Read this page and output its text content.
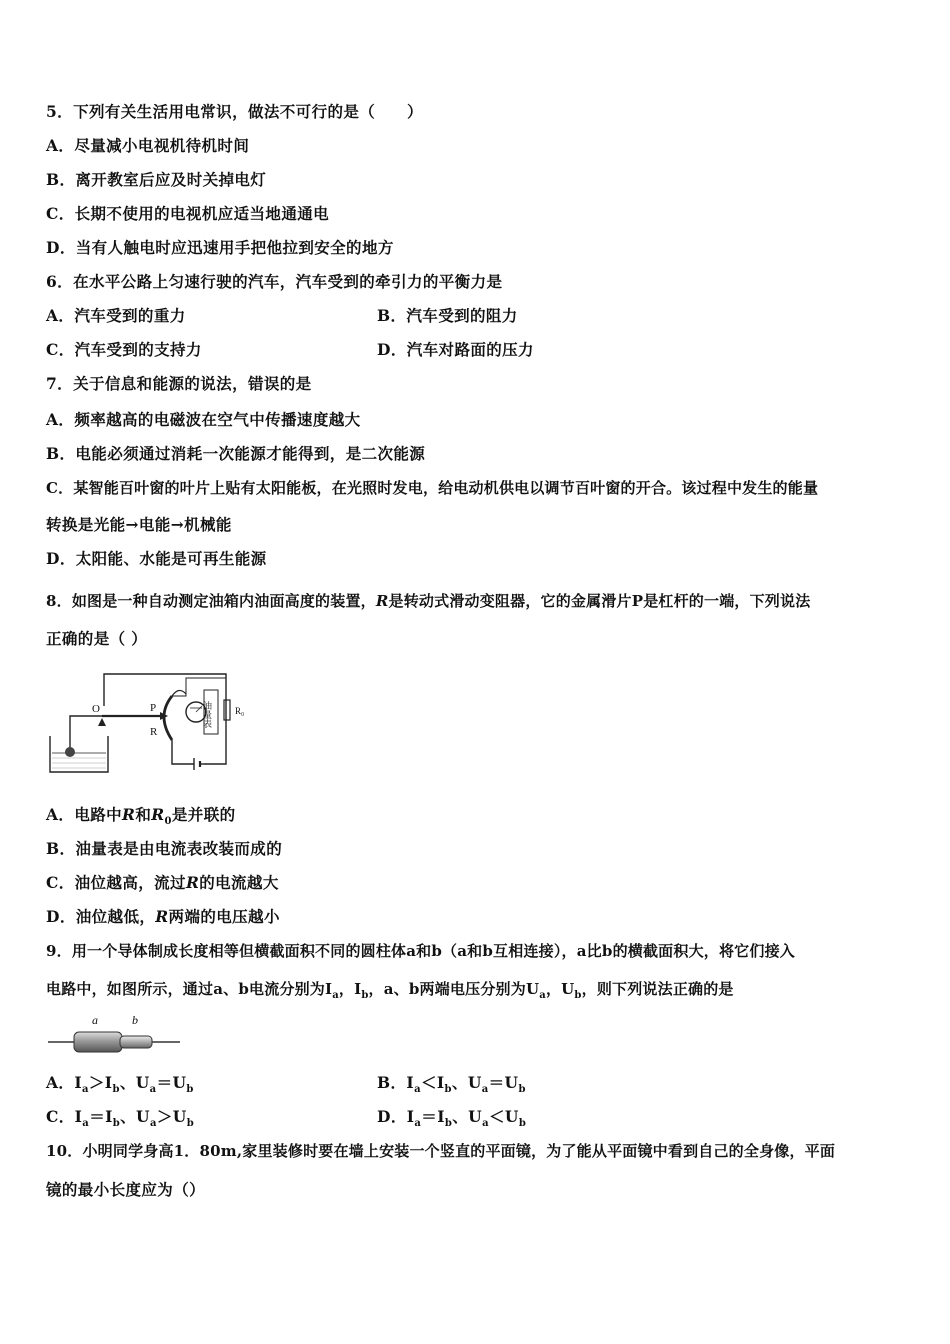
5．下列有关生活用电常识，做法不可行的是（　　）
A．尽量减小电视机待机时间
B．离开教室后应及时关掉电灯
C．长期不使用的电视机应适当地通通电
D．当有人触电时应迅速用手把他拉到安全的地方
6．在水平公路上匀速行驶的汽车，汽车受到的牵引力的平衡力是
A．汽车受到的重力	B．汽车受到的阻力
C．汽车受到的支持力	D．汽车对路面的压力
7．关于信息和能源的说法，错误的是
A．频率越高的电磁波在空气中传播速度越大
B．电能必须通过消耗一次能源才能得到，是二次能源
C．某智能百叶窗的叶片上贴有太阳能板，在光照时发电，给电动机供电以调节百叶窗的开合。该过程中发生的能量
转换是光能→电能→机械能
D．太阳能、水能是可再生能源
8．如图是一种自动测定油箱内油面高度的装置，R是转动式滑动变阻器，它的金属滑片P是杠杆的一端，下列说法
正确的是（ ）
O	P
R
R₀
油量表
A．电路中R和$R_0$是并联的
B．油量表是由电流表改装而成的
C．油位越高，流过R的电流越大
D．油位越低，R两端的电压越小
9．用一个导体制成长度相等但横截面积不同的圆柱体a和b（a和b互相连接），a比b的横截面积大，将它们接入
电路中，如图所示，通过a、b电流分别为$I_a$，$I_b$，a、b两端电压分别为$U_a$，$U_b$，则下列说法正确的是
a	b
A．$I_a>I_b$、$U_a=U_b$	B．$I_a<I_b$、$U_a=U_b$
C．$I_a=I_b$、$U_a>U_b$	D．$I_a=I_b$、$U_a<U_b$
10．小明同学身高1．80m,家里装修时要在墙上安装一个竖直的平面镜，为了能从平面镜中看到自己的全身像，平面
镜的最小长度应为（）
